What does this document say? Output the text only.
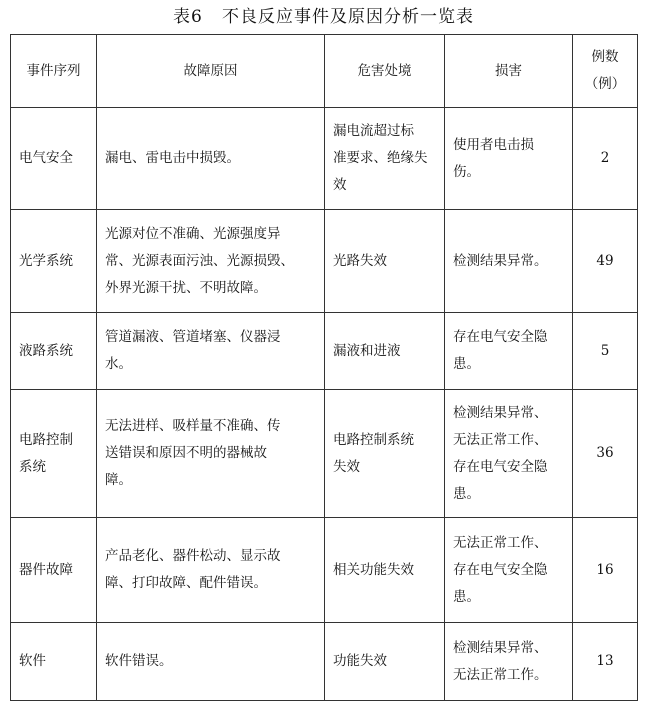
表6   不良反应事件及原因分析一览表
事件序列	故障原因	危害处境	损害	例数
（例）

电气安全	漏电、雷电击中损毁。	漏电流超过标
准要求、绝缘失
效	使用者电击损
伤。	2

光学系统	光源对位不准确、光源强度异
常、光源表面污浊、光源损毁、
外界光源干扰、不明故障。	光路失效	检测结果异常。	49

液路系统	管道漏液、管道堵塞、仪器浸
水。	漏液和进液	存在电气安全隐
患。	5

电路控制
系统	无法进样、吸样量不准确、传
送错误和原因不明的器械故
障。	电路控制系统
失效	检测结果异常、
无法正常工作、
存在电气安全隐
患。	36

器件故障	产品老化、器件松动、显示故
障、打印故障、配件错误。	相关功能失效	无法正常工作、
存在电气安全隐
患。	16

软件	软件错误。	功能失效	检测结果异常、
无法正常工作。	13
